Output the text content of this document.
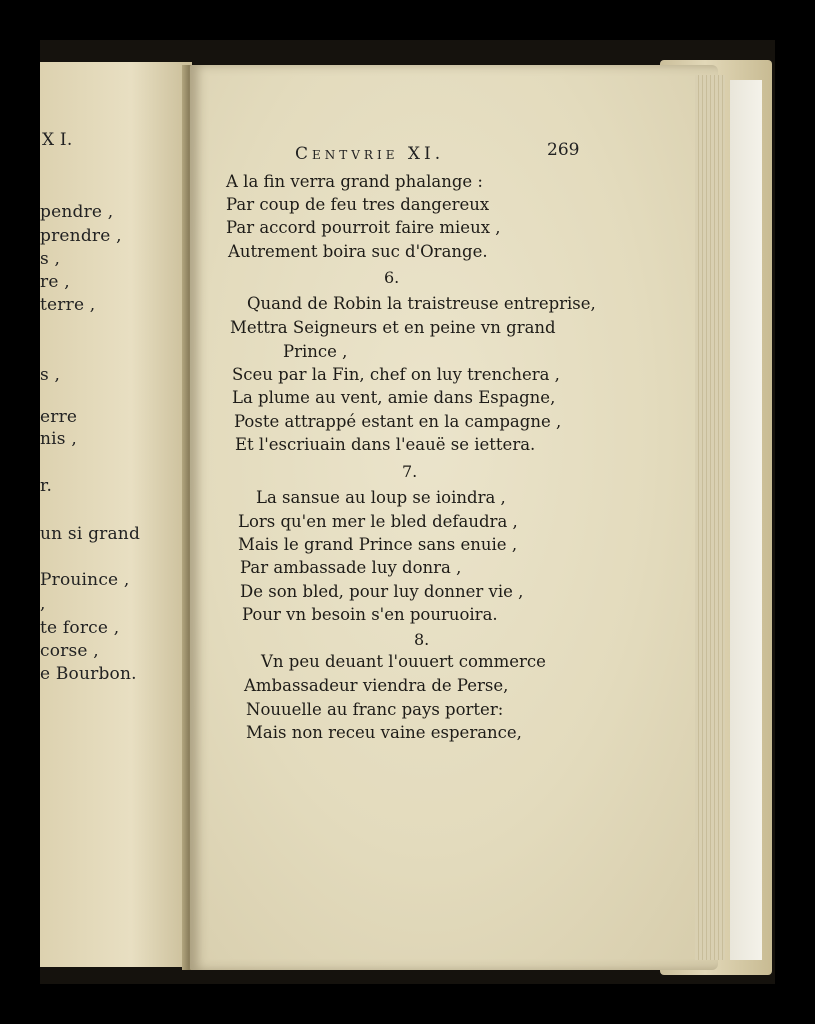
X I.
pendre ,
prendre ,
s ,
re ,
terre ,
s ,
erre
nis ,
r.
un si grand
Prouince ,
,
te force ,
corse ,
e Bourbon.
Centvrie XI.	269
A la fin verra grand phalange :
Par coup de feu tres dangereux
Par accord pourroit faire mieux ,
Autrement boira suc d'Orange.
6.
Quand de Robin la traistreuse entreprise,
Mettra Seigneurs et en peine vn grand
Prince ,
Sceu par la Fin, chef on luy trenchera ,
La plume au vent, amie dans Espagne,
Poste attrappé estant en la campagne ,
Et l'escriuain dans l'eauë se iettera.
7.
La sansue au loup se ioindra ,
Lors qu'en mer le bled defaudra ,
Mais le grand Prince sans enuie ,
Par ambassade luy donra ,
De son bled, pour luy donner vie ,
Pour vn besoin s'en pouruoira.
8.
Vn peu deuant l'ouuert commerce
Ambassadeur viendra de Perse,
Nouuelle au franc pays porter:
Mais non receu vaine esperance,
